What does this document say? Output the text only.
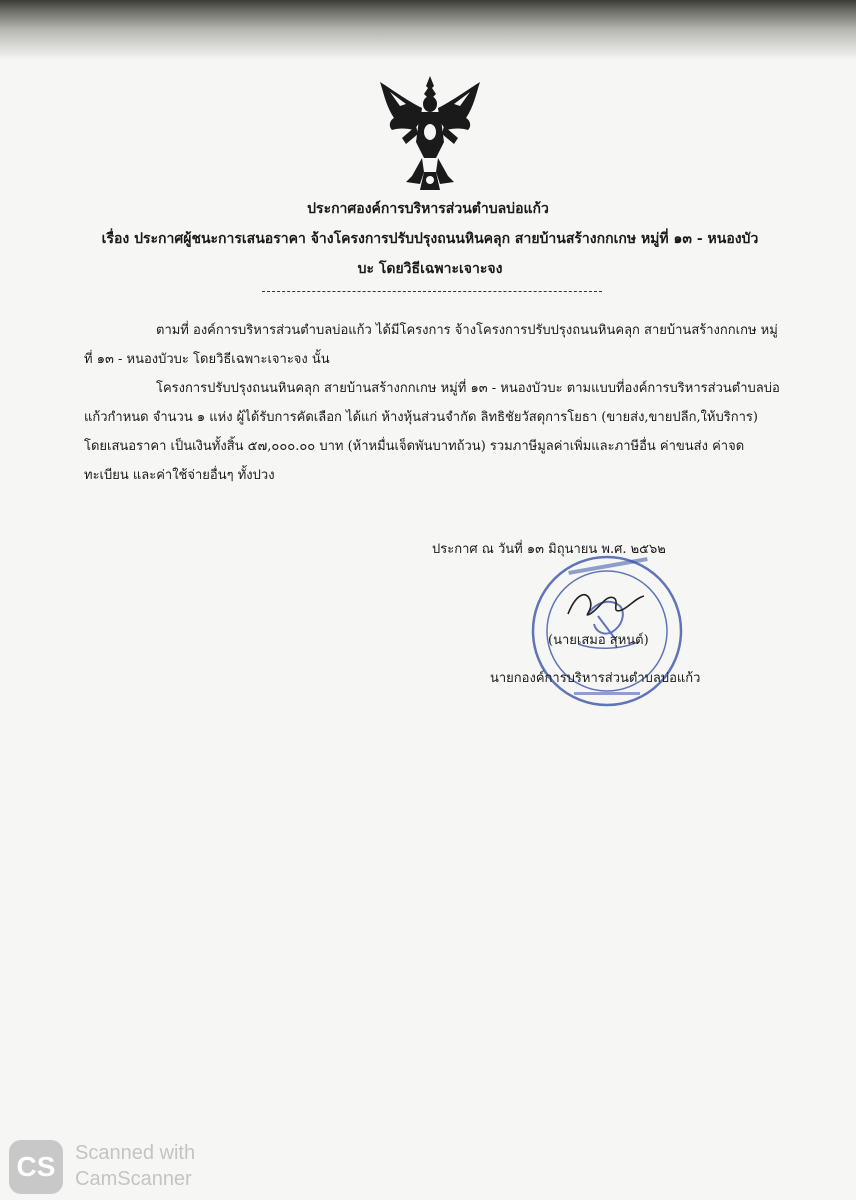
ประกาศองค์การบริหารส่วนตำบลบ่อแก้ว
เรื่อง ประกาศผู้ชนะการเสนอราคา จ้างโครงการปรับปรุงถนนหินคลุก สายบ้านสร้างกกเกษ หมู่ที่ ๑๓ - หนองบัว
บะ โดยวิธีเฉพาะเจาะจง

ตามที่ องค์การบริหารส่วนตำบลบ่อแก้ว ได้มีโครงการ จ้างโครงการปรับปรุงถนนหินคลุก สายบ้านสร้างกกเกษ หมู่ที่ ๑๓ - หนองบัวบะ โดยวิธีเฉพาะเจาะจง นั้น

โครงการปรับปรุงถนนหินคลุก สายบ้านสร้างกกเกษ หมู่ที่ ๑๓ - หนองบัวบะ ตามแบบที่องค์การบริหารส่วนตำบลบ่อแก้วกำหนด จำนวน ๑ แห่ง ผู้ได้รับการคัดเลือก ได้แก่ ห้างหุ้นส่วนจำกัด ลิทธิชัยวัสดุการโยธา (ขายส่ง,ขายปลีก,ให้บริการ) โดยเสนอราคา เป็นเงินทั้งสิ้น ๕๗,๐๐๐.๐๐ บาท (ห้าหมื่นเจ็ดพันบาทถ้วน) รวมภาษีมูลค่าเพิ่มและภาษีอื่น ค่าขนส่ง ค่าจดทะเบียน และค่าใช้จ่ายอื่นๆ ทั้งปวง

ประกาศ ณ วันที่ ๑๓ มิถุนายน พ.ศ. ๒๕๖๒
(นายเสมอ สุหนต์)
นายกองค์การบริหารส่วนตำบลบ่อแก้ว
CS Scanned with
CamScanner
